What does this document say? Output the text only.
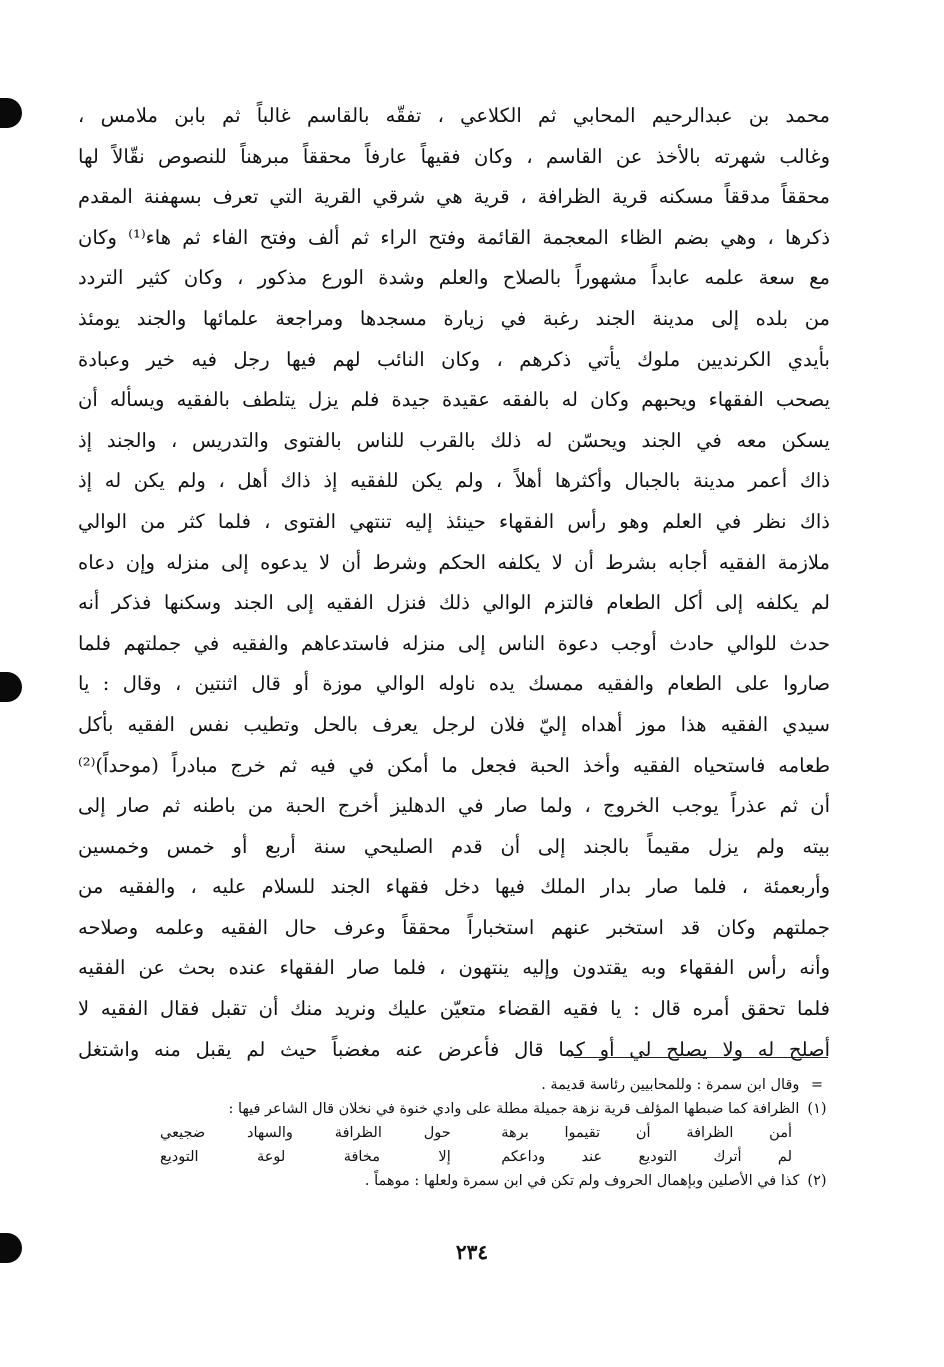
محمد بن عبدالرحيم المحابي ثم الكلاعي ، تفقّه بالقاسم غالباً ثم بابن ملامس ،
وغالب شهرته بالأخذ عن القاسم ، وكان فقيهاً عارفاً محققاً مبرهناً للنصوص نقّالاً لها
محققاً مدققاً مسكنه قرية الظرافة ، قرية هي شرقي القرية التي تعرف بسهفنة المقدم
ذكرها ، وهي بضم الظاء المعجمة القائمة وفتح الراء ثم ألف وفتح الفاء ثم هاء⁽¹⁾ وكان
مع سعة علمه عابداً مشهوراً بالصلاح والعلم وشدة الورع مذكور ، وكان كثير التردد
من بلده إلى مدينة الجند رغبة في زيارة مسجدها ومراجعة علمائها والجند يومئذ
بأيدي الكرنديين ملوك يأتي ذكرهم ، وكان النائب لهم فيها رجل فيه خير وعبادة
يصحب الفقهاء ويحبهم وكان له بالفقه عقيدة جيدة فلم يزل يتلطف بالفقيه ويسأله أن
يسكن معه في الجند ويحسّن له ذلك بالقرب للناس بالفتوى والتدريس ، والجند إذ
ذاك أعمر مدينة بالجبال وأكثرها أهلاً ، ولم يكن للفقيه إذ ذاك أهل ، ولم يكن له إذ
ذاك نظر في العلم وهو رأس الفقهاء حينئذ إليه تنتهي الفتوى ، فلما كثر من الوالي
ملازمة الفقيه أجابه بشرط أن لا يكلفه الحكم وشرط أن لا يدعوه إلى منزله وإن دعاه
لم يكلفه إلى أكل الطعام فالتزم الوالي ذلك فنزل الفقيه إلى الجند وسكنها فذكر أنه
حدث للوالي حادث أوجب دعوة الناس إلى منزله فاستدعاهم والفقيه في جملتهم فلما
صاروا على الطعام والفقيه ممسك يده ناوله الوالي موزة أو قال اثنتين ، وقال : يا
سيدي الفقيه هذا موز أهداه إليّ فلان لرجل يعرف بالحل وتطيب نفس الفقيه بأكل
طعامه فاستحياه الفقيه وأخذ الحبة فجعل ما أمكن في فيه ثم خرج مبادراً (موحداً)⁽²⁾
أن ثم عذراً يوجب الخروج ، ولما صار في الدهليز أخرج الحبة من باطنه ثم صار إلى
بيته ولم يزل مقيماً بالجند إلى أن قدم الصليحي سنة أربع أو خمس وخمسين
وأربعمئة ، فلما صار بدار الملك فيها دخل فقهاء الجند للسلام عليه ، والفقيه من
جملتهم وكان قد استخبر عنهم استخباراً محققاً وعرف حال الفقيه وعلمه وصلاحه
وأنه رأس الفقهاء وبه يقتدون وإليه ينتهون ، فلما صار الفقهاء عنده بحث عن الفقيه
فلما تحقق أمره قال : يا فقيه القضاء متعيّن عليك ونريد منك أن تقبل فقال الفقيه لا
أصلح له ولا يصلح لي أو كما قال فأعرض عنه مغضباً حيث لم يقبل منه واشتغل
= وقال ابن سمرة : وللمحابيين رئاسة قديمة .
(١) الظرافة كما ضبطها المؤلف قرية نزهة جميلة مطلة على وادي خنوة في نخلان قال الشاعر فيها :
أمن الظرافة أن تقيموا برهة
حول الظرافة والسهاد ضجيعي
لم أترك التوديع عند وداعكم
إلا مخافة لوعة التوديع
(٢) كذا في الأصلين وبإهمال الحروف ولم تكن في ابن سمرة ولعلها : موهماً .
٢٣٤
